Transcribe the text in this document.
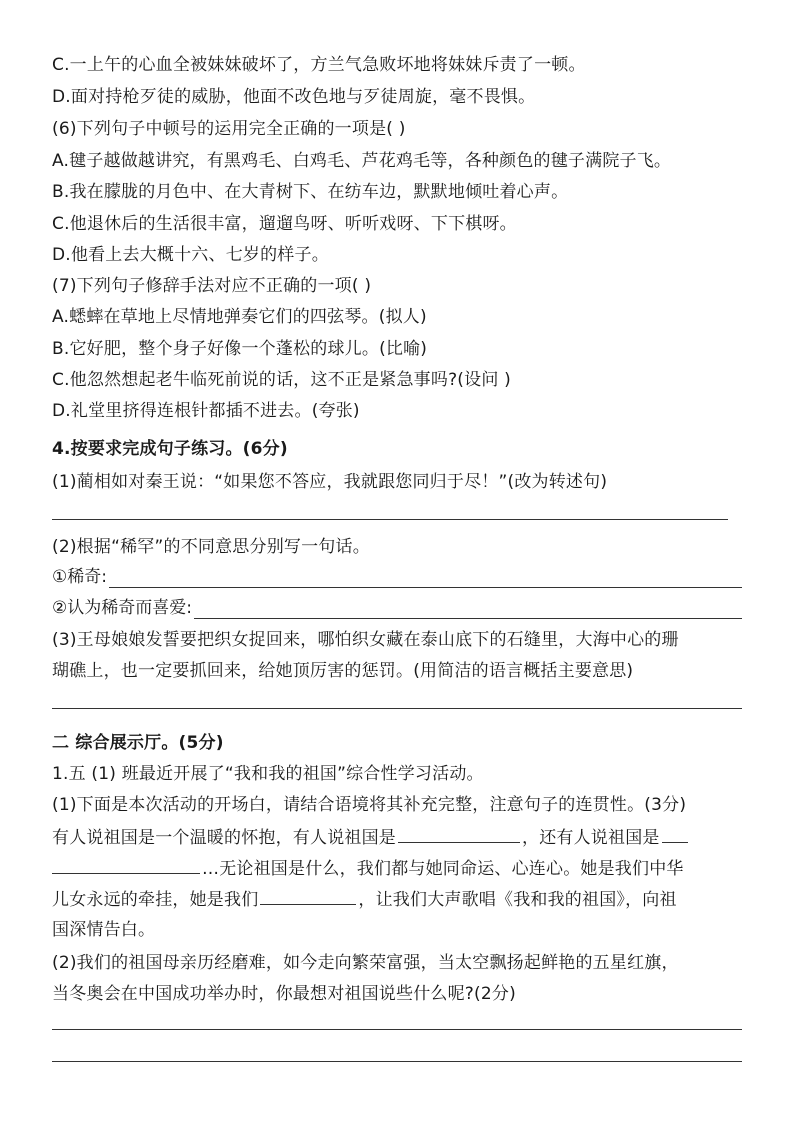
C.一上午的心血全被妹妹破坏了，方兰气急败坏地将妹妹斥责了一顿。
D.面对持枪歹徒的威胁，他面不改色地与歹徒周旋，毫不畏惧。
(6)下列句子中顿号的运用完全正确的一项是( )
A.毽子越做越讲究，有黑鸡毛、白鸡毛、芦花鸡毛等，各种颜色的毽子满院子飞。
B.我在朦胧的月色中、在大青树下、在纺车边，默默地倾吐着心声。
C.他退休后的生活很丰富，遛遛鸟呀、听听戏呀、下下棋呀。
D.他看上去大概十六、七岁的样子。
(7)下列句子修辞手法对应不正确的一项( )
A.蟋蟀在草地上尽情地弹奏它们的四弦琴。(拟人)
B.它好肥，整个身子好像一个蓬松的球儿。(比喻)
C.他忽然想起老牛临死前说的话，这不正是紧急事吗?(设问 )
D.礼堂里挤得连根针都插不进去。(夸张)
4.按要求完成句子练习。(6分)
(1)蔺相如对秦王说：“如果您不答应，我就跟您同归于尽！”(改为转述句)
(2)根据“稀罕”的不同意思分别写一句话。
①稀奇:
②认为稀奇而喜爱:
(3)王母娘娘发誓要把织女捉回来，哪怕织女藏在泰山底下的石缝里，大海中心的珊
瑚礁上，也一定要抓回来，给她顶厉害的惩罚。(用简洁的语言概括主要意思)
二 综合展示厅。(5分)
1.五 (1) 班最近开展了“我和我的祖国”综合性学习活动。
(1)下面是本次活动的开场白，请结合语境将其补充完整，注意句子的连贯性。(3分)
有人说祖国是一个温暖的怀抱，有人说祖国是	，还有人说祖国是
…无论祖国是什么，我们都与她同命运、心连心。她是我们中华
儿女永远的牵挂，她是我们	，让我们大声歌唱《我和我的祖国》，向祖
国深情告白。
(2)我们的祖国母亲历经磨难，如今走向繁荣富强，当太空飘扬起鲜艳的五星红旗，
当冬奥会在中国成功举办时，你最想对祖国说些什么呢?(2分)
